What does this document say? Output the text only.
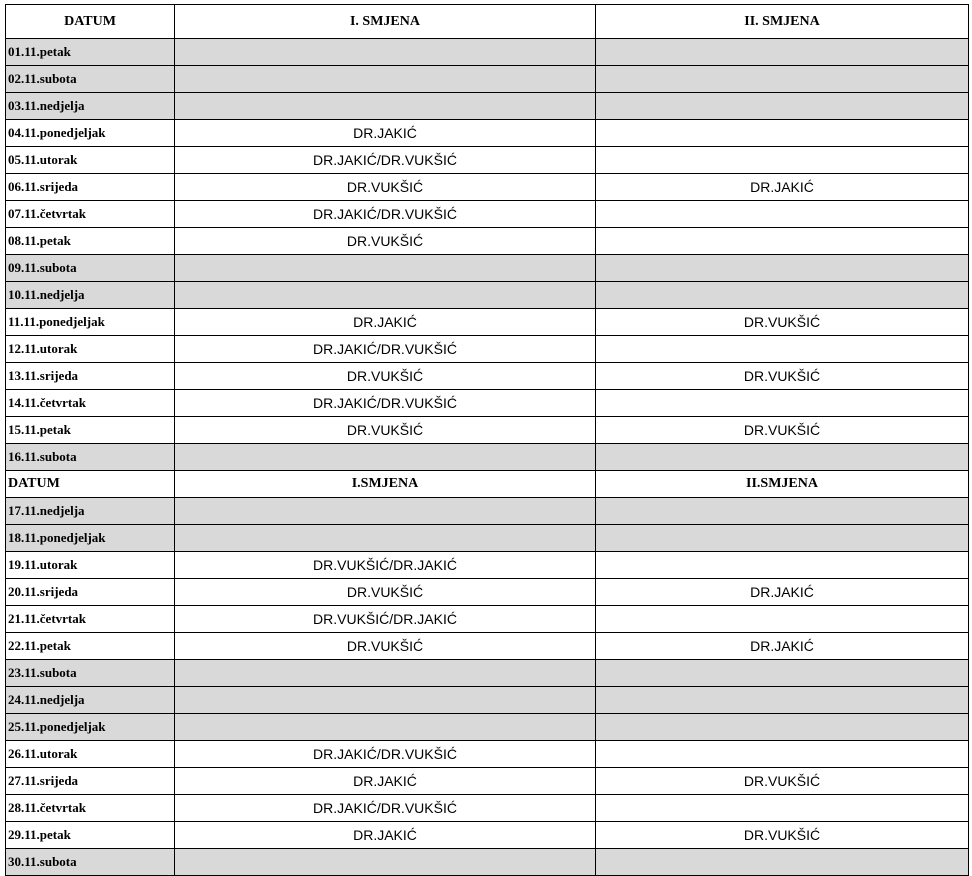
DATUM	I. SMJENA	II. SMJENA
01.11.petak		
02.11.subota		
03.11.nedjelja		
04.11.ponedjeljak	DR.JAKIĆ	
05.11.utorak	DR.JAKIĆ/DR.VUKŠIĆ	
06.11.srijeda	DR.VUKŠIĆ	DR.JAKIĆ
07.11.četvrtak	DR.JAKIĆ/DR.VUKŠIĆ	
08.11.petak	DR.VUKŠIĆ	
09.11.subota		
10.11.nedjelja		
11.11.ponedjeljak	DR.JAKIĆ	DR.VUKŠIĆ
12.11.utorak	DR.JAKIĆ/DR.VUKŠIĆ	
13.11.srijeda	DR.VUKŠIĆ	DR.VUKŠIĆ
14.11.četvrtak	DR.JAKIĆ/DR.VUKŠIĆ	
15.11.petak	DR.VUKŠIĆ	DR.VUKŠIĆ
16.11.subota		
DATUM	I.SMJENA	II.SMJENA
17.11.nedjelja		
18.11.ponedjeljak		
19.11.utorak	DR.VUKŠIĆ/DR.JAKIĆ	
20.11.srijeda	DR.VUKŠIĆ	DR.JAKIĆ
21.11.četvrtak	DR.VUKŠIĆ/DR.JAKIĆ	
22.11.petak	DR.VUKŠIĆ	DR.JAKIĆ
23.11.subota		
24.11.nedjelja		
25.11.ponedjeljak		
26.11.utorak	DR.JAKIĆ/DR.VUKŠIĆ	
27.11.srijeda	DR.JAKIĆ	DR.VUKŠIĆ
28.11.četvrtak	DR.JAKIĆ/DR.VUKŠIĆ	
29.11.petak	DR.JAKIĆ	DR.VUKŠIĆ
30.11.subota		
